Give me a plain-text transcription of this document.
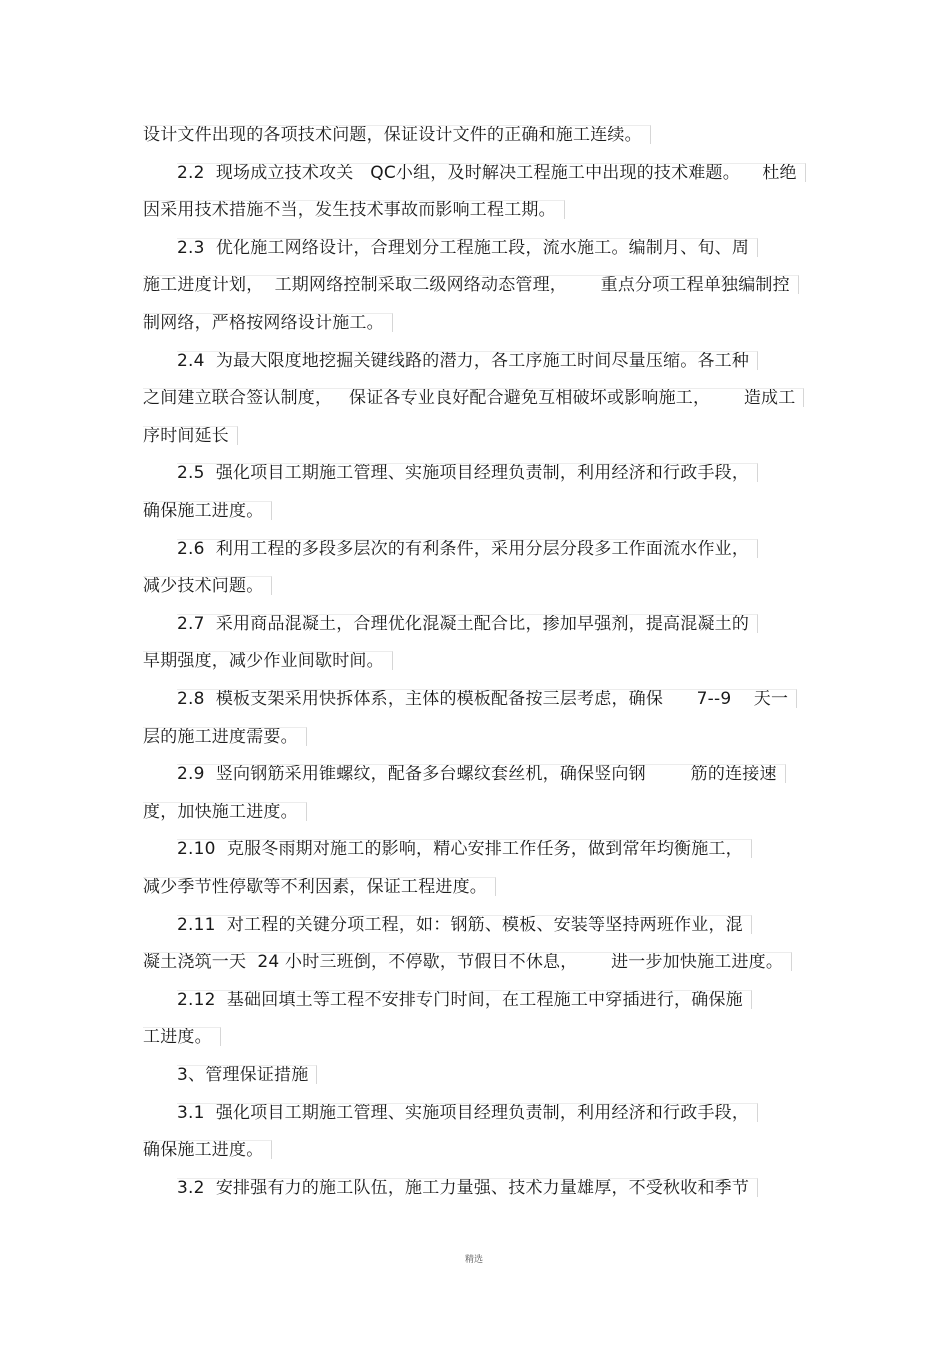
设计文件出现的各项技术问题，保证设计文件的正确和施工连续。
2.2  现场成立技术攻关   QC小组，及时解决工程施工中出现的技术难题。    杜绝
因采用技术措施不当，发生技术事故而影响工程工期。
2.3  优化施工网络设计，合理划分工程施工段，流水施工。编制月、旬、周
施工进度计划，  工期网络控制采取二级网络动态管理，      重点分项工程单独编制控
制网络，严格按网络设计施工。
2.4  为最大限度地挖掘关键线路的潜力，各工序施工时间尽量压缩。各工种
之间建立联合签认制度，   保证各专业良好配合避免互相破坏或影响施工，      造成工
序时间延长
2.5  强化项目工期施工管理、实施项目经理负责制，利用经济和行政手段，
确保施工进度。
2.6  利用工程的多段多层次的有利条件，采用分层分段多工作面流水作业，
减少技术问题。
2.7  采用商品混凝土，合理优化混凝土配合比，掺加早强剂，提高混凝土的
早期强度，减少作业间歇时间。
2.8  模板支架采用快拆体系，主体的模板配备按三层考虑，确保      7--9    天一
层的施工进度需要。
2.9  竖向钢筋采用锥螺纹，配备多台螺纹套丝机，确保竖向钢        筋的连接速
度，加快施工进度。
2.10  克服冬雨期对施工的影响，精心安排工作任务，做到常年均衡施工，
减少季节性停歇等不利因素，保证工程进度。
2.11  对工程的关键分项工程，如：钢筋、模板、安装等坚持两班作业，混
凝土浇筑一天  24 小时三班倒，不停歇，节假日不休息，      进一步加快施工进度。
2.12  基础回填土等工程不安排专门时间，在工程施工中穿插进行，确保施
工进度。
3、管理保证措施
3.1  强化项目工期施工管理、实施项目经理负责制，利用经济和行政手段，
确保施工进度。
3.2  安排强有力的施工队伍，施工力量强、技术力量雄厚，不受秋收和季节
精选
